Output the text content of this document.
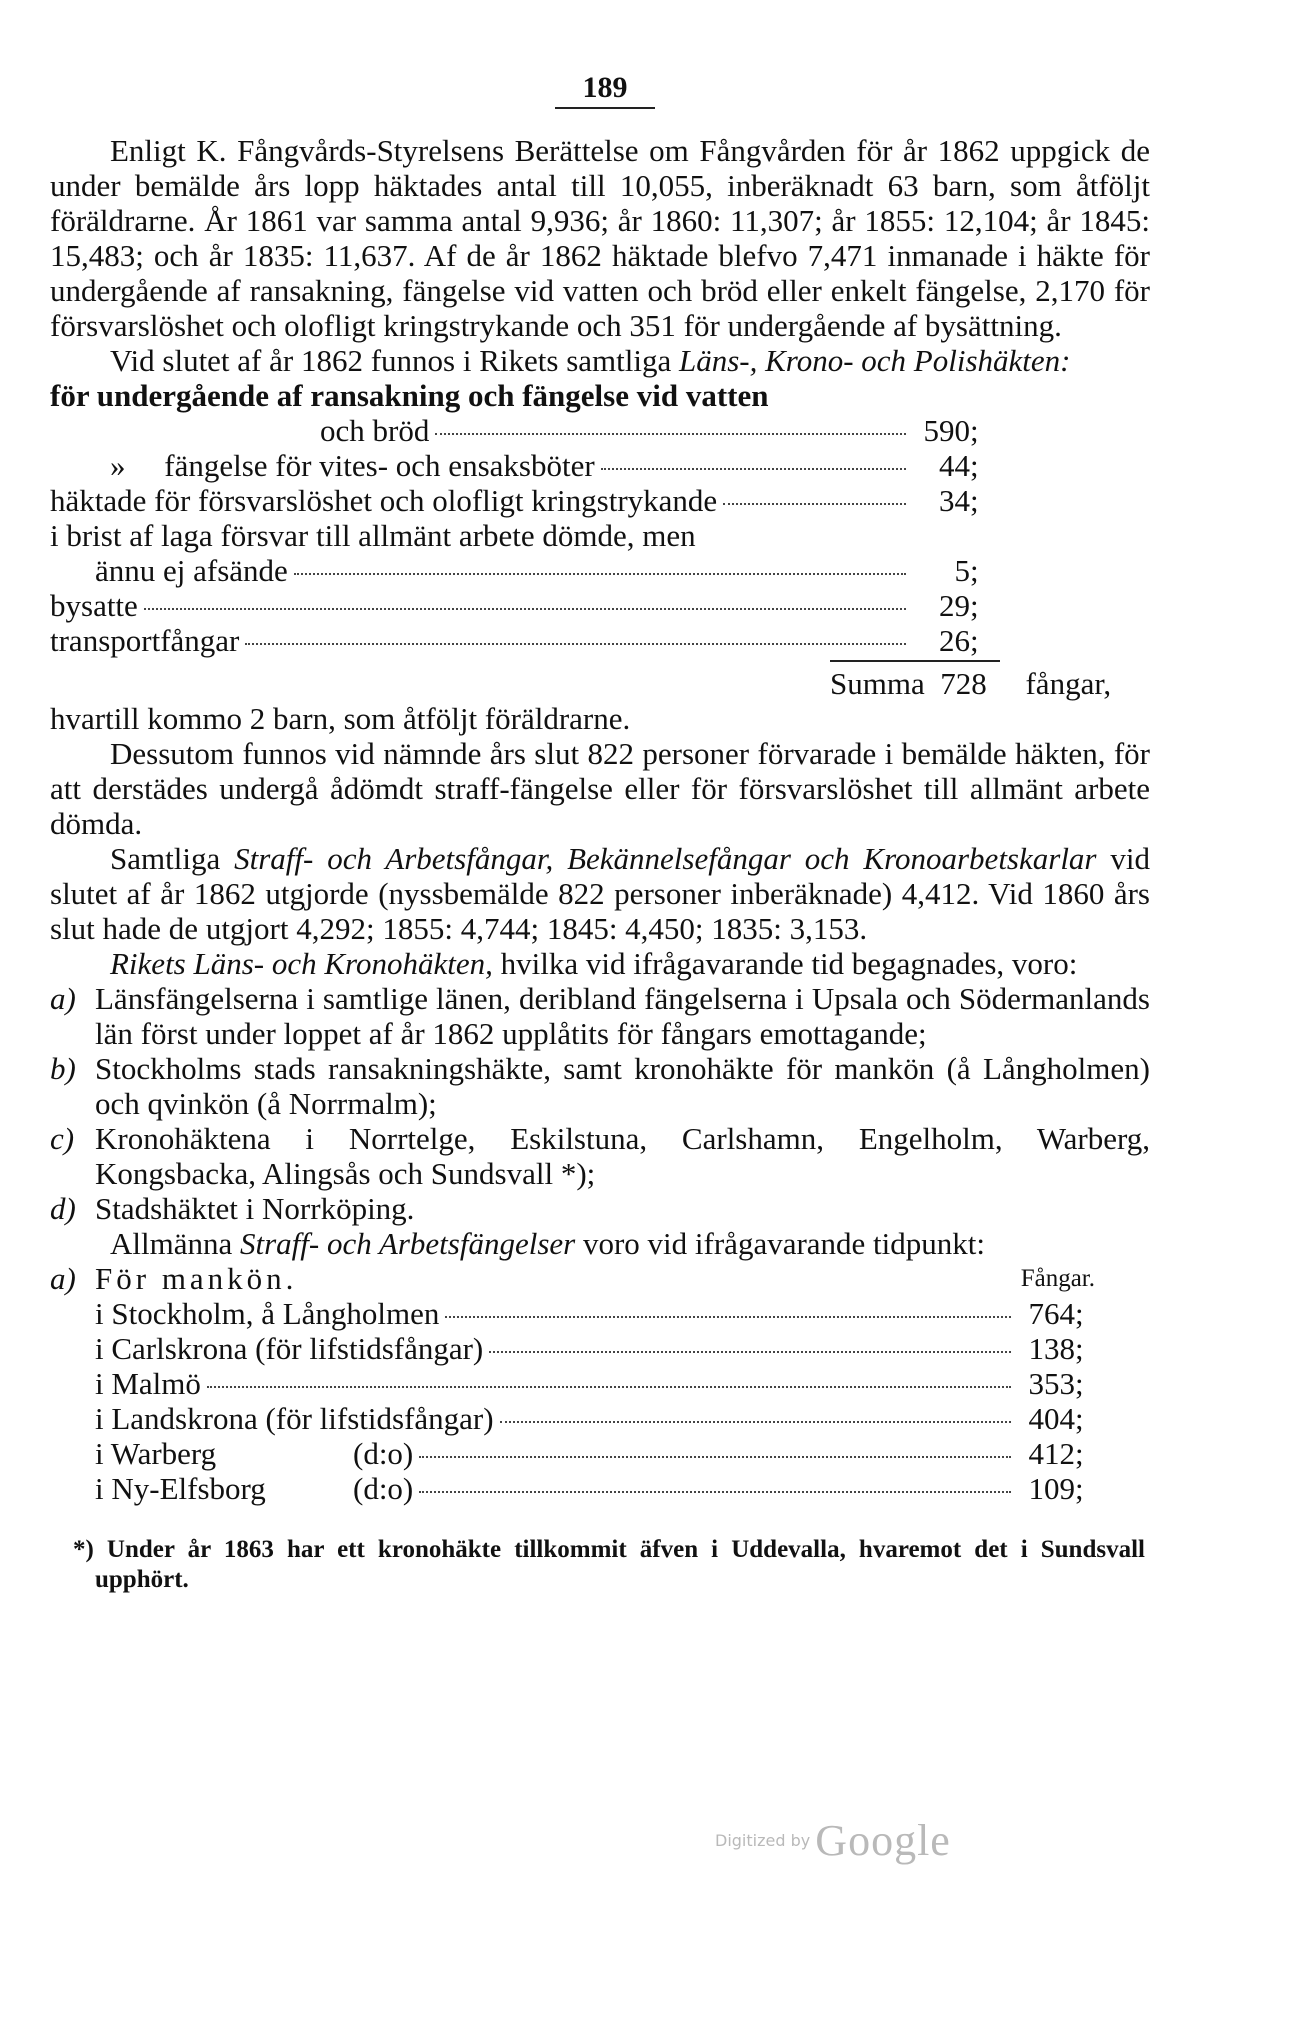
189

Enligt K. Fångvårds-Styrelsens Berättelse om Fångvården för år 1862 uppgick de under bemälde års lopp häktades antal till 10,055, inberäknadt 63 barn, som åtföljt föräldrarne. År 1861 var samma antal 9,936; år 1860: 11,307; år 1855: 12,104; år 1845: 15,483; och år 1835: 11,637. Af de år 1862 häktade blefvo 7,471 inmanade i häkte för undergående af ransakning, fängelse vid vatten och bröd eller enkelt fängelse, 2,170 för försvarslöshet och olofligt kringstrykande och 351 för undergående af bysättning.

Vid slutet af år 1862 funnos i Rikets samtliga Läns-, Krono- och Polishäkten:

för undergående af ransakning och fängelse vid vatten
och bröd	590 ;
»     fängelse för vites- och ensaksböter	44 ;
häktade för försvarslöshet och olofligt kringstrykande	34 ;
i brist af laga försvar till allmänt arbete dömde, men
ännu ej afsände	5 ;
bysatte	29 ;
transportfångar	26 ;
Summa 728 fångar,

hvartill kommo 2 barn, som åtföljt föräldrarne.

Dessutom funnos vid nämnde års slut 822 personer förvarade i bemälde häkten, för att derstädes undergå ådömdt straff-fängelse eller för försvarslöshet till allmänt arbete dömda.

Samtliga Straff- och Arbetsfångar, Bekännelsefångar och Kronoarbetskarlar vid slutet af år 1862 utgjorde (nyssbemälde 822 personer inberäknade) 4,412. Vid 1860 års slut hade de utgjort 4,292; 1855: 4,744; 1845: 4,450; 1835: 3,153.

Rikets Läns- och Kronohäkten, hvilka vid ifrågavarande tid begagnades, voro:

a) Länsfängelserna i samtlige länen, deribland fängelserna i Upsala och Södermanlands län först under loppet af år 1862 upplåtits för fångars emottagande;
b) Stockholms stads ransakningshäkte, samt kronohäkte för mankön (å Långholmen) och qvinkön (å Norrmalm);
c) Kronohäktena i Norrtelge, Eskilstuna, Carlshamn, Engelholm, Warberg, Kongsbacka, Alingsås och Sundsvall *);
d) Stadshäktet i Norrköping.

Allmänna Straff- och Arbetsfängelser voro vid ifrågavarande tidpunkt:

a) För mankön.	Fångar.
i Stockholm, å Långholmen	764 ;
i Carlskrona (för lifstidsfångar)	138 ;
i Malmö	353 ;
i Landskrona (för lifstidsfångar)	404 ;
i Warberg	(d:o)	412 ;
i Ny-Elfsborg	(d:o)	109 ;

*) Under år 1863 har ett kronohäkte tillkommit äfven i Uddevalla, hvaremot det i Sundsvall upphört.

Digitized by Google
